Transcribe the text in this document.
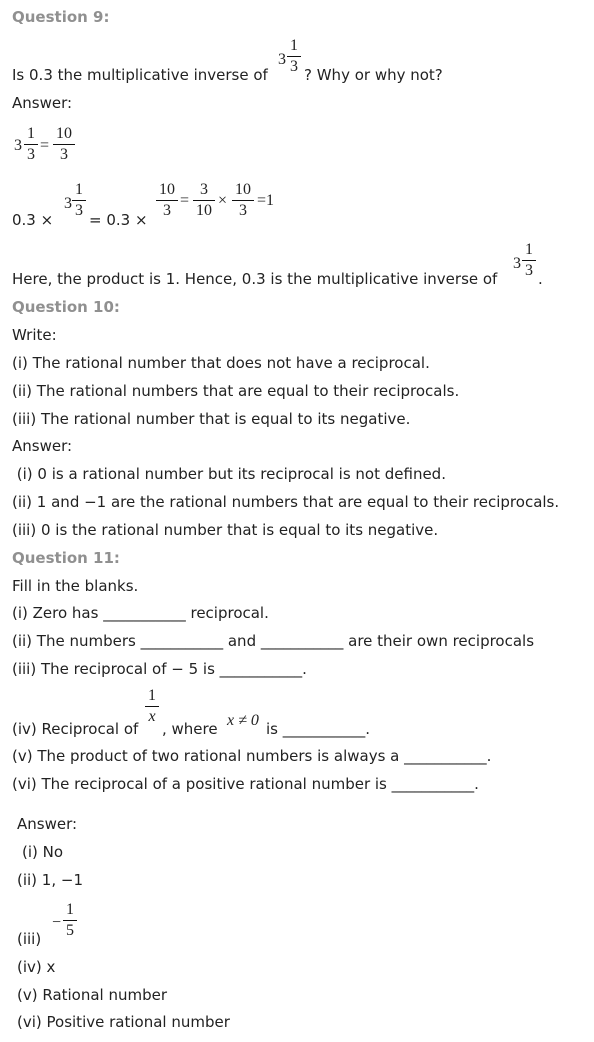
Question 9:
3
1
3
Is 0.3 the multiplicative inverse of ? Why or why not?
Answer:
3
1
3
=
10
3
0.3 ×
3
1
3
= 0.3 ×
10
3
=
3
10
×
10
3
=1
Here, the product is 1. Hence, 0.3 is the multiplicative inverse of
3
1
3 .
Question 10:
Write:
(i) The rational number that does not have a reciprocal.
(ii) The rational numbers that are equal to their reciprocals.
(iii) The rational number that is equal to its negative.
Answer:
(i) 0 is a rational number but its reciprocal is not defined.
(ii) 1 and −1 are the rational numbers that are equal to their reciprocals.
(iii) 0 is the rational number that is equal to its negative.
Question 11:
Fill in the blanks.
(i) Zero has ___________ reciprocal.
(ii) The numbers ___________ and ___________ are their own reciprocals
(iii) The reciprocal of − 5 is ___________.
(iv) Reciprocal of
1
x
, where x ≠ 0 is ___________.
(v) The product of two rational numbers is always a ___________.
(vi) The reciprocal of a positive rational number is ___________.
Answer:
(i) No
(ii) 1, −1
(iii)
−
1
5
(iv) x
(v) Rational number
(vi) Positive rational number
